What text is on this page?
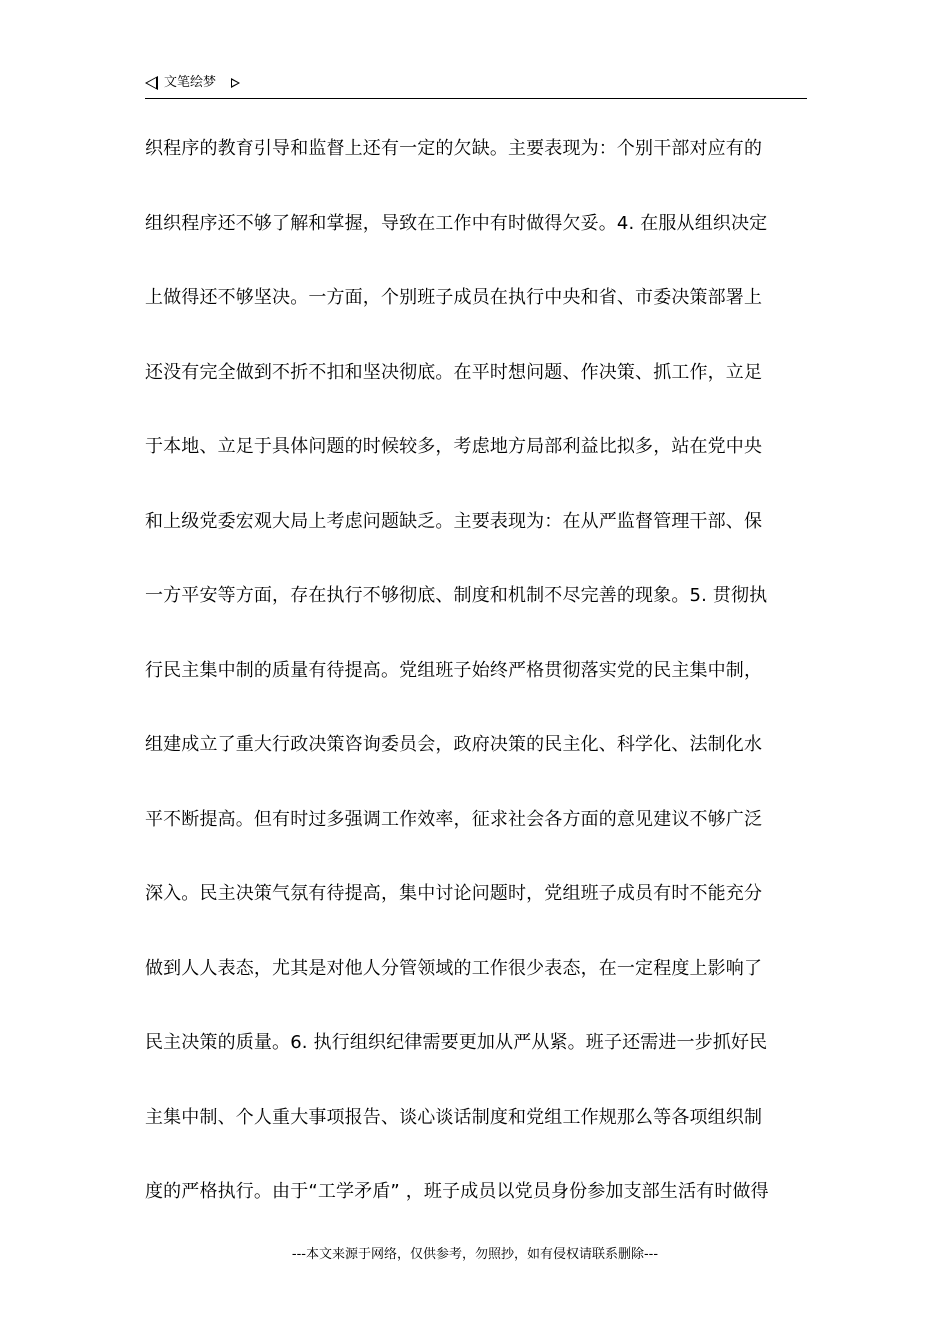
文笔绘梦
织程序的教育引导和监督上还有一定的欠缺。主要表现为：个别干部对应有的
组织程序还不够了解和掌握，导致在工作中有时做得欠妥。4. 在服从组织决定
上做得还不够坚决。一方面，个别班子成员在执行中央和省、市委决策部署上
还没有完全做到不折不扣和坚决彻底。在平时想问题、作决策、抓工作，立足
于本地、立足于具体问题的时候较多，考虑地方局部利益比拟多，站在党中央
和上级党委宏观大局上考虑问题缺乏。主要表现为：在从严监督管理干部、保
一方平安等方面，存在执行不够彻底、制度和机制不尽完善的现象。5. 贯彻执
行民主集中制的质量有待提高。党组班子始终严格贯彻落实党的民主集中制，
组建成立了重大行政决策咨询委员会，政府决策的民主化、科学化、法制化水
平不断提高。但有时过多强调工作效率，征求社会各方面的意见建议不够广泛
深入。民主决策气氛有待提高，集中讨论问题时，党组班子成员有时不能充分
做到人人表态，尤其是对他人分管领域的工作很少表态，在一定程度上影响了
民主决策的质量。6. 执行组织纪律需要更加从严从紧。班子还需进一步抓好民
主集中制、个人重大事项报告、谈心谈话制度和党组工作规那么等各项组织制
度的严格执行。由于“工学矛盾” ，班子成员以党员身份参加支部生活有时做得
---本文来源于网络，仅供参考，勿照抄，如有侵权请联系删除---
